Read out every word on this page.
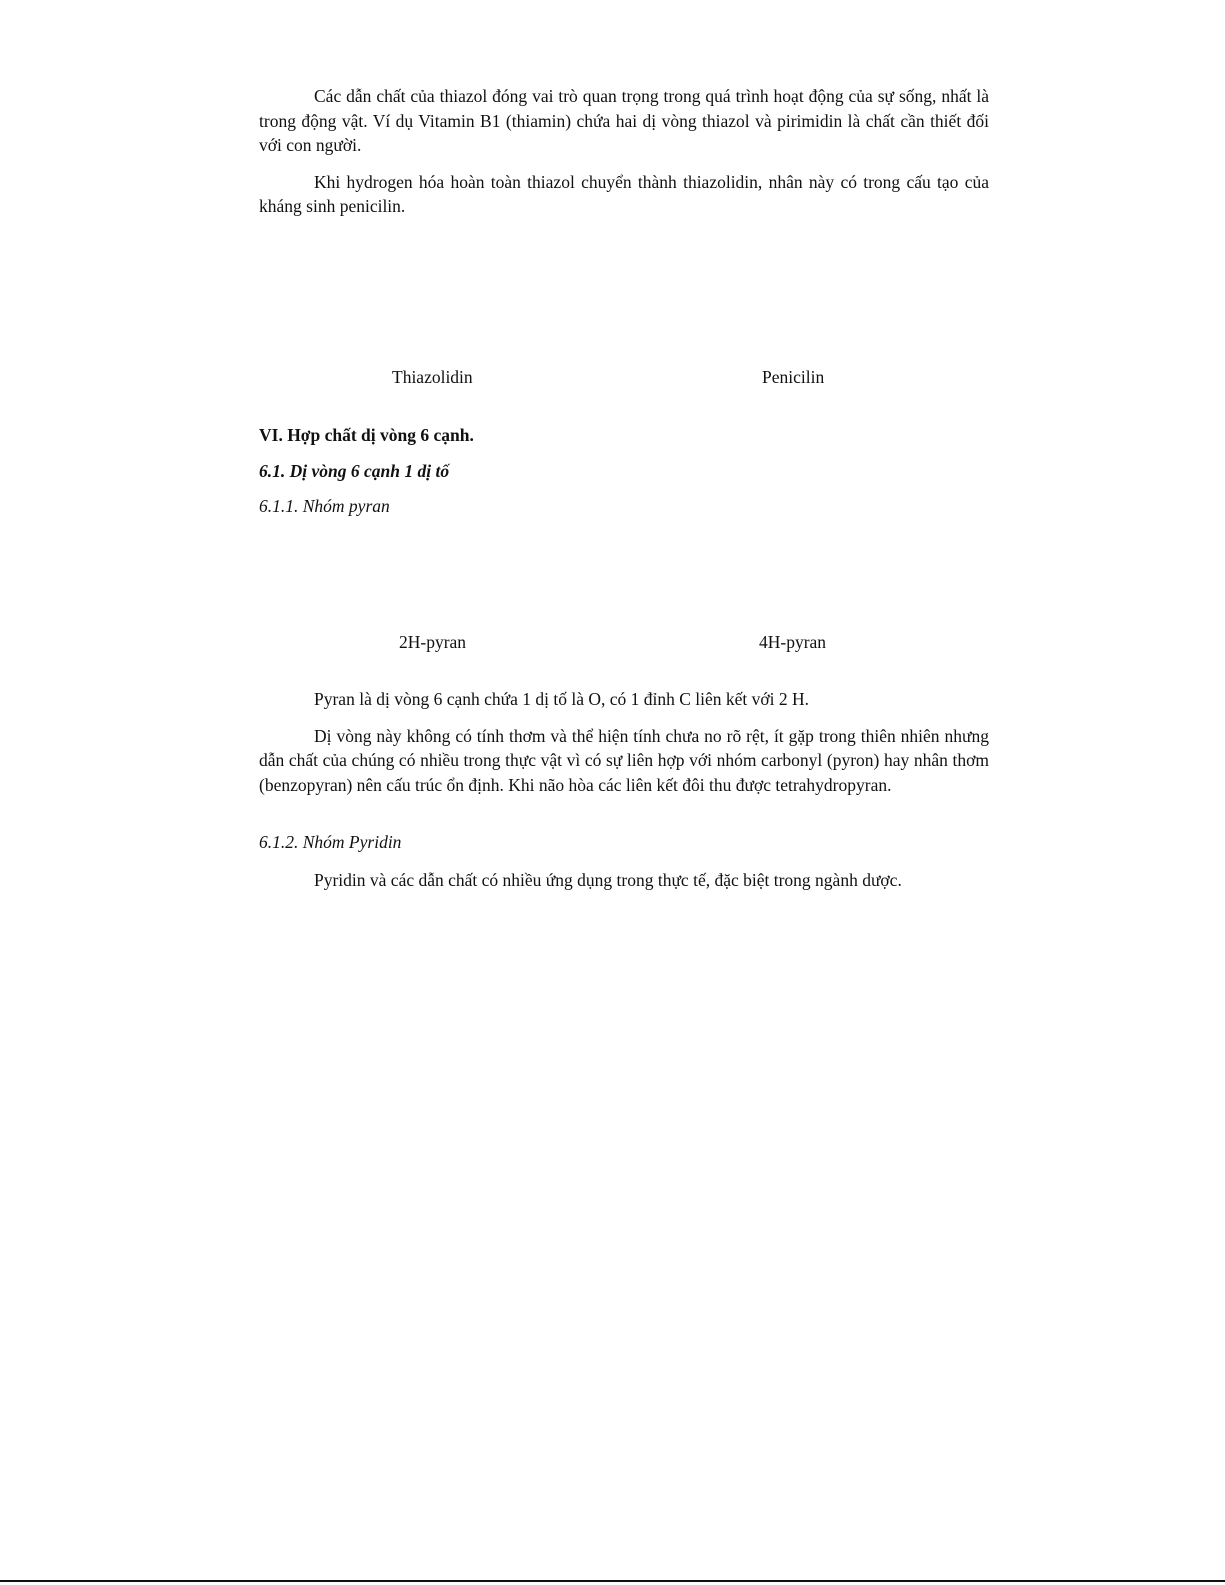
Các dẫn chất của thiazol đóng vai trò quan trọng trong quá trình hoạt động của sự sống, nhất là trong động vật. Ví dụ Vitamin B1 (thiamin) chứa hai dị vòng thiazol và pirimidin là chất cần thiết đối với con người.

Khi hydrogen hóa hoàn toàn thiazol chuyển thành thiazolidin, nhân này có trong cấu tạo của kháng sinh penicilin.

Thiazolidin	Penicilin
VI. Hợp chất dị vòng 6 cạnh.
6.1. Dị vòng 6 cạnh 1 dị tố
6.1.1. Nhóm pyran
2H-pyran	4H-pyran

Pyran là dị vòng 6 cạnh chứa 1 dị tố là O, có 1 đỉnh C liên kết với 2 H.

Dị vòng này không có tính thơm và thể hiện tính chưa no rõ rệt, ít gặp trong thiên nhiên nhưng dẫn chất của chúng có nhiều trong thực vật vì có sự liên hợp với nhóm carbonyl (pyron) hay nhân thơm (benzopyran) nên cấu trúc ổn định. Khi não hòa các liên kết đôi thu được tetrahydropyran.

6.1.2. Nhóm Pyridin

Pyridin và các dẫn chất có nhiều ứng dụng trong thực tế, đặc biệt trong ngành dược.
